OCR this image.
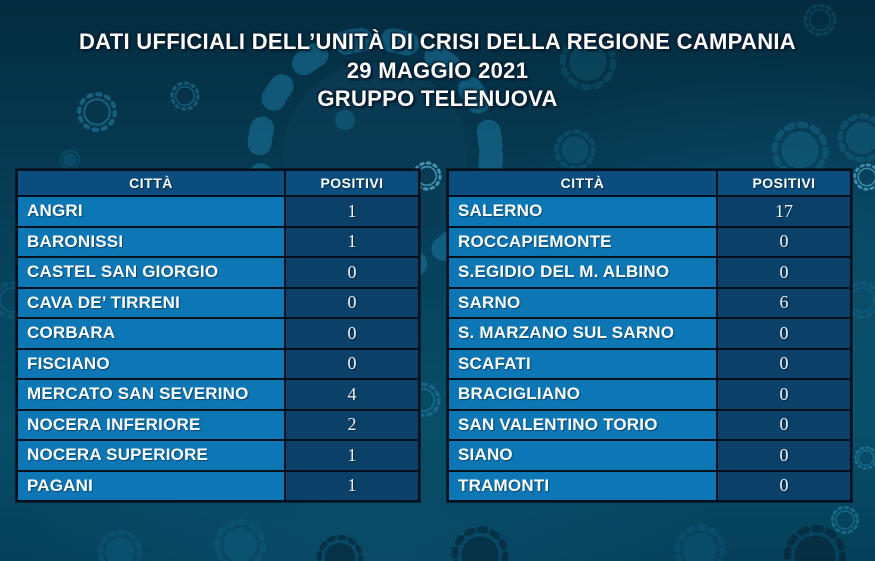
DATI UFFICIALI DELL’UNITÀ DI CRISI DELLA REGIONE CAMPANIA
29 MAGGIO 2021
GRUPPO TELENUOVA
CITTÀ	POSITIVI
ANGRI	1
BARONISSI	1
CASTEL SAN GIORGIO	0
CAVA DE’ TIRRENI	0
CORBARA	0
FISCIANO	0
MERCATO SAN SEVERINO	4
NOCERA INFERIORE	2
NOCERA SUPERIORE	1
PAGANI	1
CITTÀ	POSITIVI
SALERNO	17
ROCCAPIEMONTE	0
S.EGIDIO DEL M. ALBINO	0
SARNO	6
S. MARZANO SUL SARNO	0
SCAFATI	0
BRACIGLIANO	0
SAN VALENTINO TORIO	0
SIANO	0
TRAMONTI	0
